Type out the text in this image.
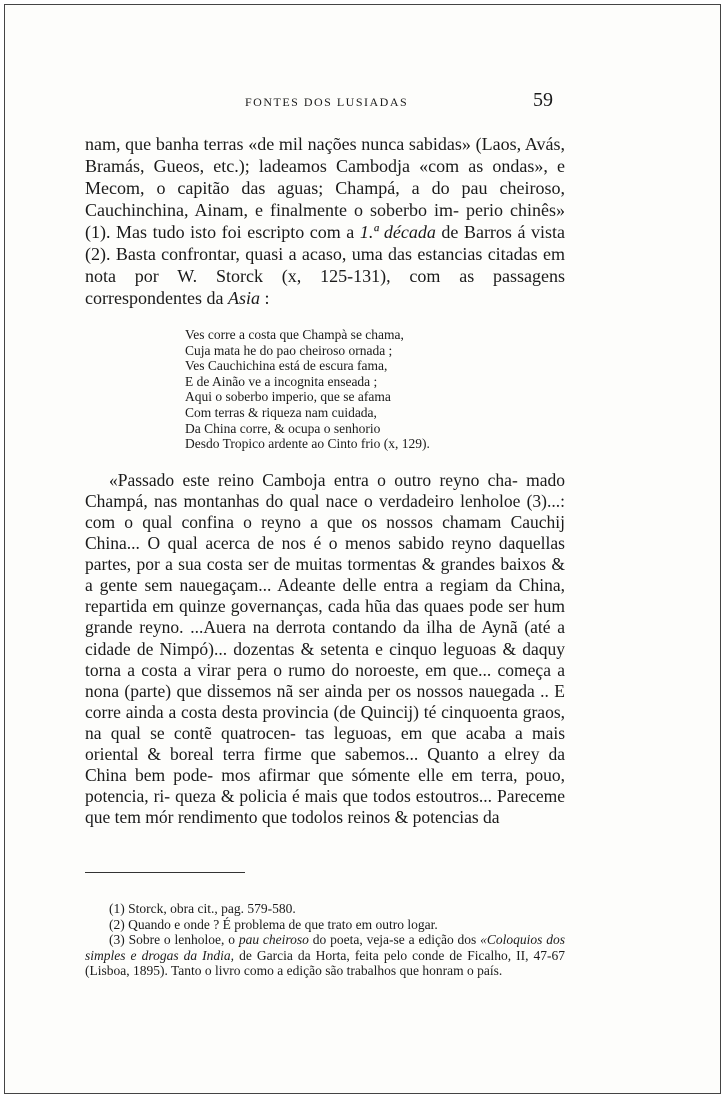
FONTES DOS LUSIADAS	59

nam, que banha terras «de mil nações nunca sabidas» (Laos, Avás, Bramás, Gueos, etc.); ladeamos Cambodja «com as ondas», e Mecom, o capitão das aguas; Champá, a do pau cheiroso, Cauchinchina, Ainam, e finalmente o soberbo im- perio chinês» (1). Mas tudo isto foi escripto com a 1.ª década de Barros á vista (2). Basta confrontar, quasi a acaso, uma das estancias citadas em nota por W. Storck (x, 125-131), com as passagens correspondentes da Asia :

Ves corre a costa que Champà se chama,
Cuja mata he do pao cheiroso ornada ;
Ves Cauchichina está de escura fama,
E de Ainão ve a incognita enseada ;
Aqui o soberbo imperio, que se afama
Com terras & riqueza nam cuidada,
Da China corre, & ocupa o senhorio
Desdo Tropico ardente ao Cinto frio (x, 129).

«Passado este reino Camboja entra o outro reyno cha- mado Champá, nas montanhas do qual nace o verdadeiro lenholoe (3)...: com o qual confina o reyno a que os nossos chamam Cauchij China... O qual acerca de nos é o menos sabido reyno daquellas partes, por a sua costa ser de muitas tormentas & grandes baixos & a gente sem nauegaçam... Adeante delle entra a regiam da China, repartida em quinze governanças, cada hũa das quaes pode ser hum grande reyno. ...Auera na derrota contando da ilha de Aynã (até a cidade de Nimpó)... dozentas & setenta e cinquo leguoas & daquy torna a costa a virar pera o rumo do noroeste, em que... começa a nona (parte) que dissemos nã ser ainda per os nossos nauegada .. E corre ainda a costa desta provincia (de Quincij) té cinquoenta graos, na qual se contẽ quatrocen- tas leguoas, em que acaba a mais oriental & boreal terra firme que sabemos... Quanto a elrey da China bem pode- mos afirmar que sómente elle em terra, pouo, potencia, ri- queza & policia é mais que todos estoutros... Pareceme que tem mór rendimento que todolos reinos & potencias da

(1) Storck, obra cit., pag. 579-580.

(2) Quando e onde ? É problema de que trato em outro logar.

(3) Sobre o lenholoe, o pau cheiroso do poeta, veja-se a edição dos «Coloquios dos simples e drogas da India, de Garcia da Horta, feita pelo conde de Ficalho, II, 47-67 (Lisboa, 1895). Tanto o livro como a edição são trabalhos que honram o país.
